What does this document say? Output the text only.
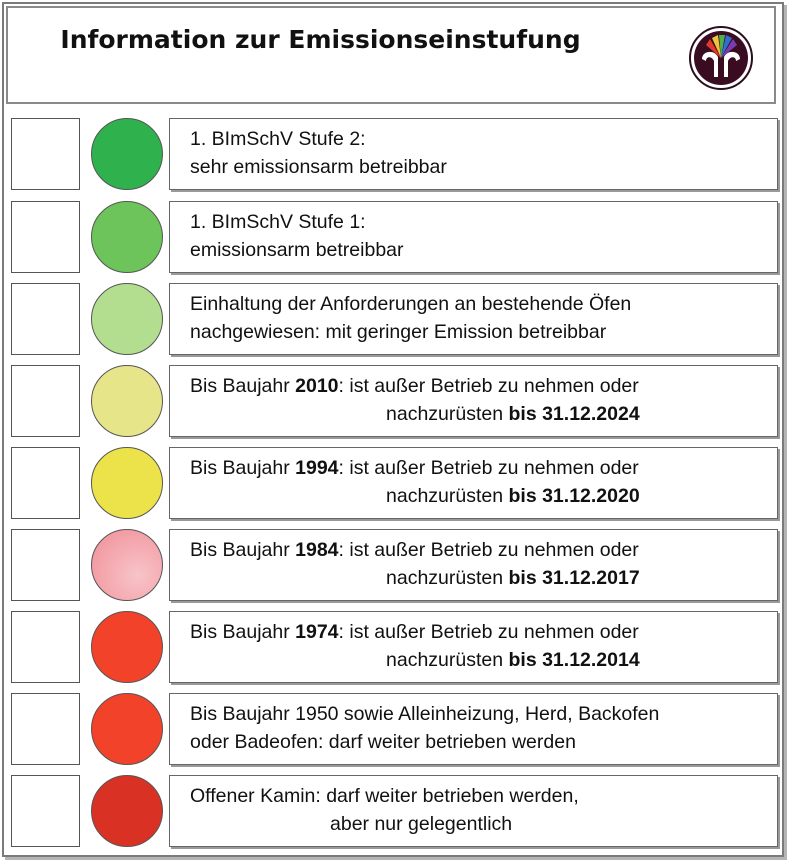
Information zur Emissionseinstufung
1. BImSchV Stufe 2:
sehr emissionsarm betreibbar
1. BImSchV Stufe 1:
emissionsarm betreibbar
Einhaltung der Anforderungen an bestehende Öfen
nachgewiesen: mit geringer Emission betreibbar
Bis Baujahr 2010: ist außer Betrieb zu nehmen oder
nachzurüsten bis 31.12.2024
Bis Baujahr 1994: ist außer Betrieb zu nehmen oder
nachzurüsten bis 31.12.2020
Bis Baujahr 1984: ist außer Betrieb zu nehmen oder
nachzurüsten bis 31.12.2017
Bis Baujahr 1974: ist außer Betrieb zu nehmen oder
nachzurüsten bis 31.12.2014
Bis Baujahr 1950 sowie Alleinheizung, Herd, Backofen
oder Badeofen: darf weiter betrieben werden
Offener Kamin: darf weiter betrieben werden,
aber nur gelegentlich
